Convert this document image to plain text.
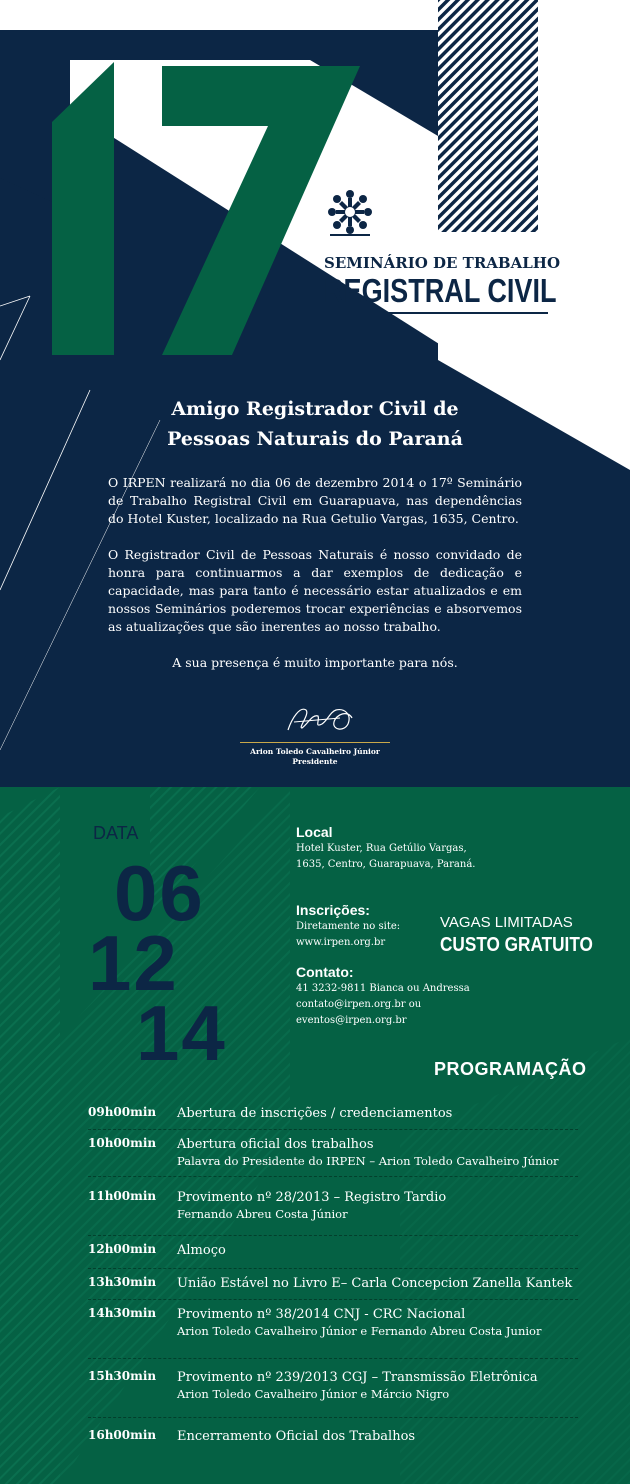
SEMINÁRIO DE TRABALHO
REGISTRAL CIVIL
Amigo Registrador Civil de
Pessoas Naturais do Paraná

O IRPEN realizará no dia 06 de dezembro 2014 o 17º Seminário de Trabalho Registral Civil em Guarapuava, nas dependências do Hotel Kuster, localizado na Rua Getulio Vargas, 1635, Centro.

O Registrador Civil de Pessoas Naturais é nosso convidado de honra para continuarmos a dar exemplos de dedicação e capacidade, mas para tanto é necessário estar atualizados e em nossos Seminários poderemos trocar experiências e absorvemos as atualizações que são inerentes ao nosso trabalho.

A sua presença é muito importante para nós.

Arion Toledo Cavalheiro Júnior
Presidente
DATA
06
12
14
Local
Hotel Kuster, Rua Getúlio Vargas,
1635, Centro, Guarapuava, Paraná.
Inscrições:
Diretamente no site:
www.irpen.org.br
Contato:
41 3232-9811 Bianca ou Andressa
contato@irpen.org.br ou
eventos@irpen.org.br
VAGAS LIMITADAS
CUSTO GRATUITO
PROGRAMAÇÃO
09h00min Abertura de inscrições / credenciamentos
10h00min Abertura oficial dos trabalhos
Palavra do Presidente do IRPEN – Arion Toledo Cavalheiro Júnior
11h00min Provimento nº 28/2013 – Registro Tardio
Fernando Abreu Costa Júnior
12h00min Almoço
13h30min União Estável no Livro E– Carla Concepcion Zanella Kantek
14h30min Provimento nº 38/2014 CNJ - CRC Nacional
Arion Toledo Cavalheiro Júnior e Fernando Abreu Costa Junior
15h30min Provimento nº 239/2013 CGJ – Transmissão Eletrônica
Arion Toledo Cavalheiro Júnior e Márcio Nigro
16h00min Encerramento Oficial dos Trabalhos
